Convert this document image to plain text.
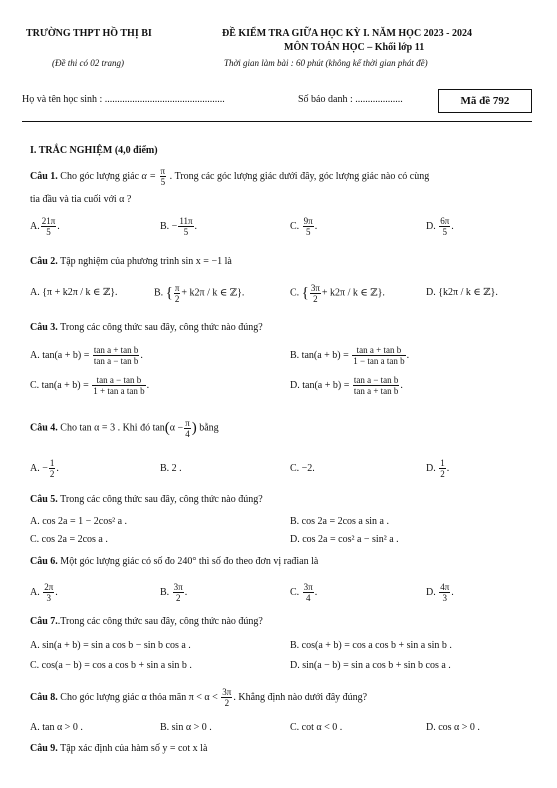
TRƯỜNG THPT HỒ THỊ BI	ĐỀ KIỂM TRA GIỮA HỌC KỲ I. NĂM HỌC 2023 - 2024
MÔN TOÁN HỌC – Khối lớp 11
(Đề thi có 02 trang)	Thời gian làm bài : 60 phút (không kể thời gian phát đề)
Họ và tên học sinh : ................................................	Số báo danh : ...................	Mã đề 792
I. TRẮC NGHIỆM (4,0 điểm)
Câu 1. Cho góc lượng giác $\alpha = \frac{\pi}{5}$ . Trong các góc lượng giác dưới đây, góc lượng giác nào có cùng
tia đầu và tia cuối với α ?
A. $\frac{21\pi}{5}$ .	B. − $\frac{11\pi}{5}$ .	C. $\frac{9\pi}{5}$ .	D. $\frac{6\pi}{5}$ .
Câu 2. Tập nghiệm của phương trình sin x = −1 là
A. {π + k2π / k ∈ ℤ}.	B. { $\frac{\pi}{2} + k2\pi / k$ ∈ ℤ}.	C. { $\frac{3\pi}{2} + k2\pi / k$ ∈ ℤ}.	D. {k2π / k ∈ ℤ}.
Câu 3. Trong các công thức sau đây, công thức nào đúng?
A. $\tan(a + b) = \frac{\text{tan a + tan b}}{\text{tan a − tan b}}$ .	B. $\tan(a + b) = \frac{\text{tan a + tan b}}{\text{1 − tan a tan b}}$ .
C. $\tan(a + b) = \frac{\text{tan a − tan b}}{\text{1 + tan a tan b}}$ .	D. $\tan(a + b) = \frac{\text{tan a − tan b}}{\text{tan a + tan b}}$ .
Câu 4. Cho tan α = 3 . Khi đó $\tan(\alpha - \frac{\pi}{4}$ ) bằng
A. − $\frac{1}{2}$ .	B. 2 .	C. −2.	D. $\frac{1}{2}$ .
Câu 5. Trong các công thức sau đây, công thức nào đúng?
A. cos 2a = 1 − 2cos² a .	B. cos 2a = 2cos a sin a .
C. cos 2a = 2cos a .	D. cos 2a = cos² a − sin² a .
Câu 6. Một góc lượng giác có số đo 240° thì số đo theo đơn vị rađian là
A. $\frac{2\pi}{3}$ .	B. $\frac{3\pi}{2}$ .	C. $\frac{3\pi}{4}$ .	D. $\frac{4\pi}{3}$ .
Câu 7..Trong các công thức sau đây, công thức nào đúng?
A. sin(a + b) = sin a cos b − sin b cos a .	B. cos(a + b) = cos a cos b + sin a sin b .
C. cos(a − b) = cos a cos b + sin a sin b .	D. sin(a − b) = sin a cos b + sin b cos a .
Câu 8. Cho góc lượng giác α thỏa mãn $\pi < \alpha < \frac{3\pi}{2}$ . Khẳng định nào dưới đây đúng?
A. tan α > 0 .	B. sin α > 0 .	C. cot α < 0 .	D. cos α > 0 .
Câu 9. Tập xác định của hàm số y = cot x là
